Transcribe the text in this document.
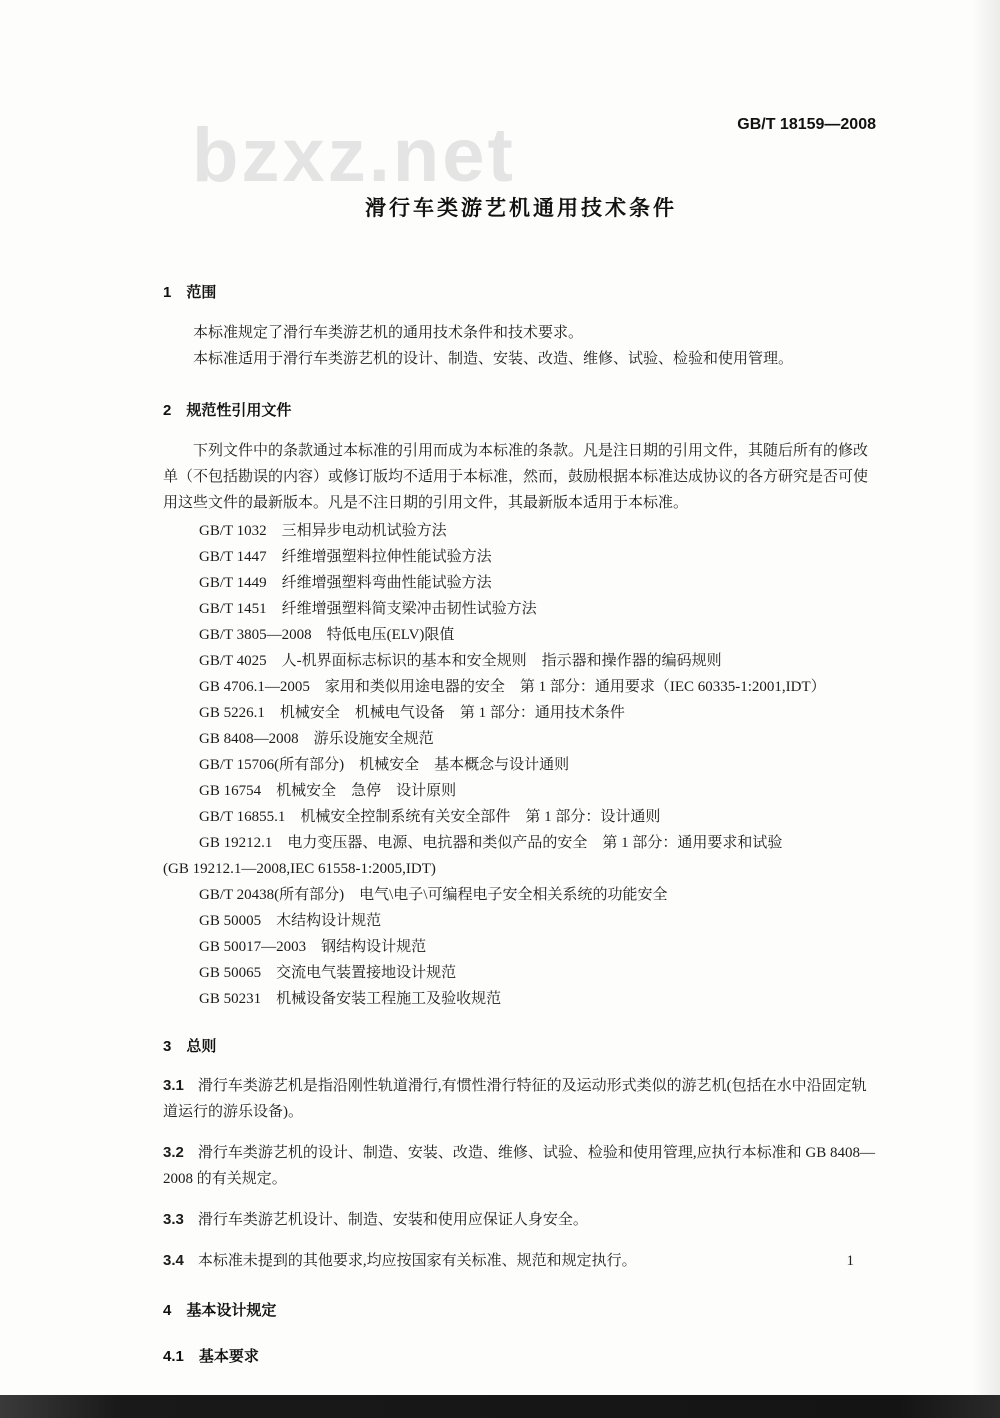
bzxz.net	GB/T 18159—2008
滑行车类游艺机通用技术条件
1　范围

本标准规定了滑行车类游艺机的通用技术条件和技术要求。

本标准适用于滑行车类游艺机的设计、制造、安装、改造、维修、试验、检验和使用管理。

2　规范性引用文件

下列文件中的条款通过本标准的引用而成为本标准的条款。凡是注日期的引用文件，其随后所有的修改单（不包括勘误的内容）或修订版均不适用于本标准，然而，鼓励根据本标准达成协议的各方研究是否可使用这些文件的最新版本。凡是不注日期的引用文件，其最新版本适用于本标准。

GB/T 1032　三相异步电动机试验方法
GB/T 1447　纤维增强塑料拉伸性能试验方法
GB/T 1449　纤维增强塑料弯曲性能试验方法
GB/T 1451　纤维增强塑料简支梁冲击韧性试验方法
GB/T 3805—2008　特低电压(ELV)限值
GB/T 4025　人-机界面标志标识的基本和安全规则　指示器和操作器的编码规则
GB 4706.1—2005　家用和类似用途电器的安全　第 1 部分：通用要求（IEC 60335-1:2001,IDT）
GB 5226.1　机械安全　机械电气设备　第 1 部分：通用技术条件
GB 8408—2008　游乐设施安全规范
GB/T 15706(所有部分)　机械安全　基本概念与设计通则
GB 16754　机械安全　急停　设计原则
GB/T 16855.1　机械安全控制系统有关安全部件　第 1 部分：设计通则
GB 19212.1　电力变压器、电源、电抗器和类似产品的安全　第 1 部分：通用要求和试验
(GB 19212.1—2008,IEC 61558-1:2005,IDT)
GB/T 20438(所有部分)　电气\电子\可编程电子安全相关系统的功能安全
GB 50005　木结构设计规范
GB 50017—2003　钢结构设计规范
GB 50065　交流电气装置接地设计规范
GB 50231　机械设备安装工程施工及验收规范
3　总则

3.1 滑行车类游艺机是指沿刚性轨道滑行,有惯性滑行特征的及运动形式类似的游艺机(包括在水中沿固定轨道运行的游乐设备)。

3.2 滑行车类游艺机的设计、制造、安装、改造、维修、试验、检验和使用管理,应执行本标准和 GB 8408—2008 的有关规定。

3.3 滑行车类游艺机设计、制造、安装和使用应保证人身安全。

3.4 本标准未提到的其他要求,均应按国家有关标准、规范和规定执行。

4　基本设计规定
4.1　基本要求
1
